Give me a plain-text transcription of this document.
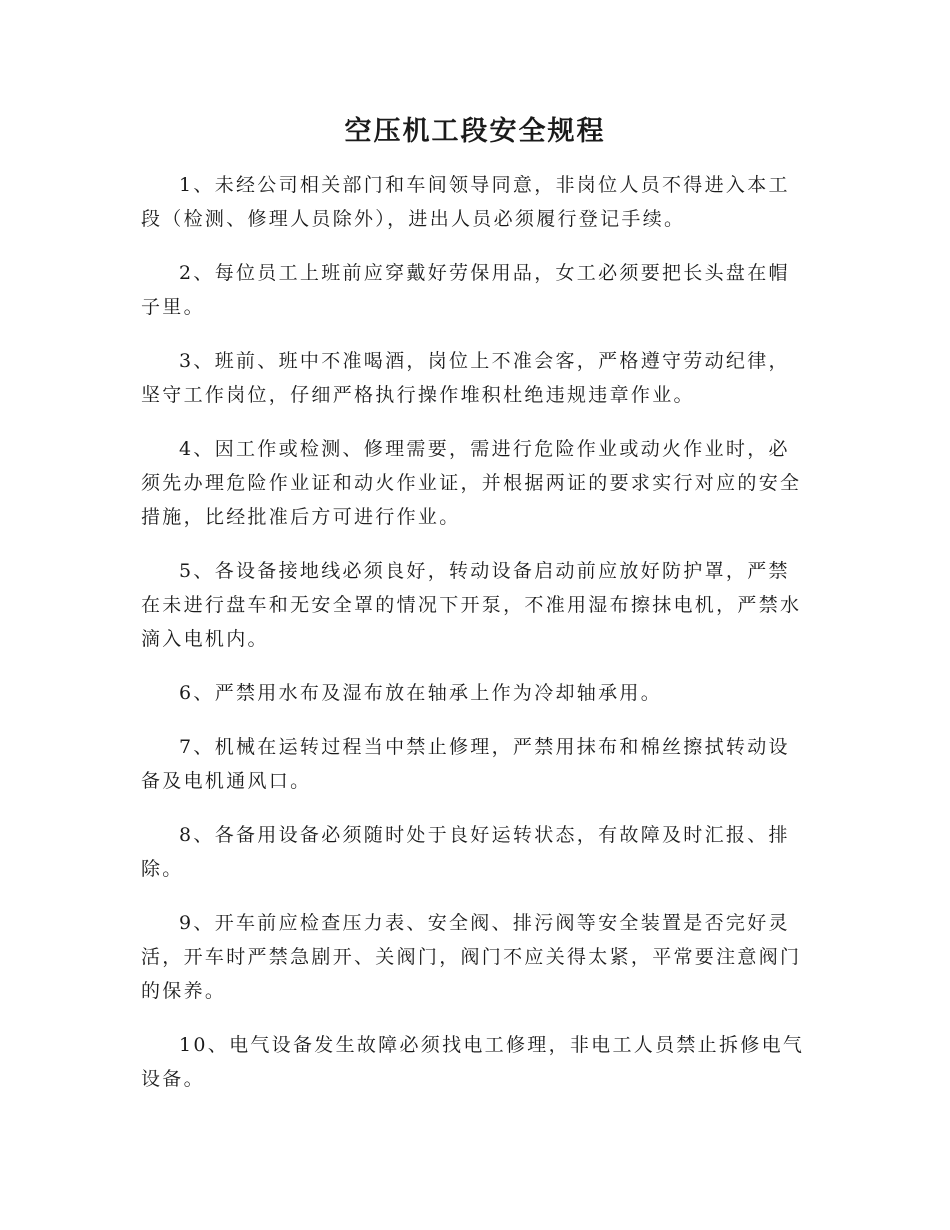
空压机工段安全规程

1、未经公司相关部门和车间领导同意，非岗位人员不得进入本工段（检测、修理人员除外），进出人员必须履行登记手续。

2、每位员工上班前应穿戴好劳保用品，女工必须要把长头盘在帽子里。

3、班前、班中不准喝酒，岗位上不准会客，严格遵守劳动纪律，坚守工作岗位，仔细严格执行操作堆积杜绝违规违章作业。

4、因工作或检测、修理需要，需进行危险作业或动火作业时，必须先办理危险作业证和动火作业证，并根据两证的要求实行对应的安全措施，比经批准后方可进行作业。

5、各设备接地线必须良好，转动设备启动前应放好防护罩，严禁在未进行盘车和无安全罩的情况下开泵，不准用湿布擦抹电机，严禁水滴入电机内。

6、严禁用水布及湿布放在轴承上作为冷却轴承用。

7、机械在运转过程当中禁止修理，严禁用抹布和棉丝擦拭转动设备及电机通风口。

8、各备用设备必须随时处于良好运转状态，有故障及时汇报、排除。

9、开车前应检查压力表、安全阀、排污阀等安全装置是否完好灵活，开车时严禁急剧开、关阀门，阀门不应关得太紧，平常要注意阀门的保养。

10、电气设备发生故障必须找电工修理，非电工人员禁止拆修电气设备。
